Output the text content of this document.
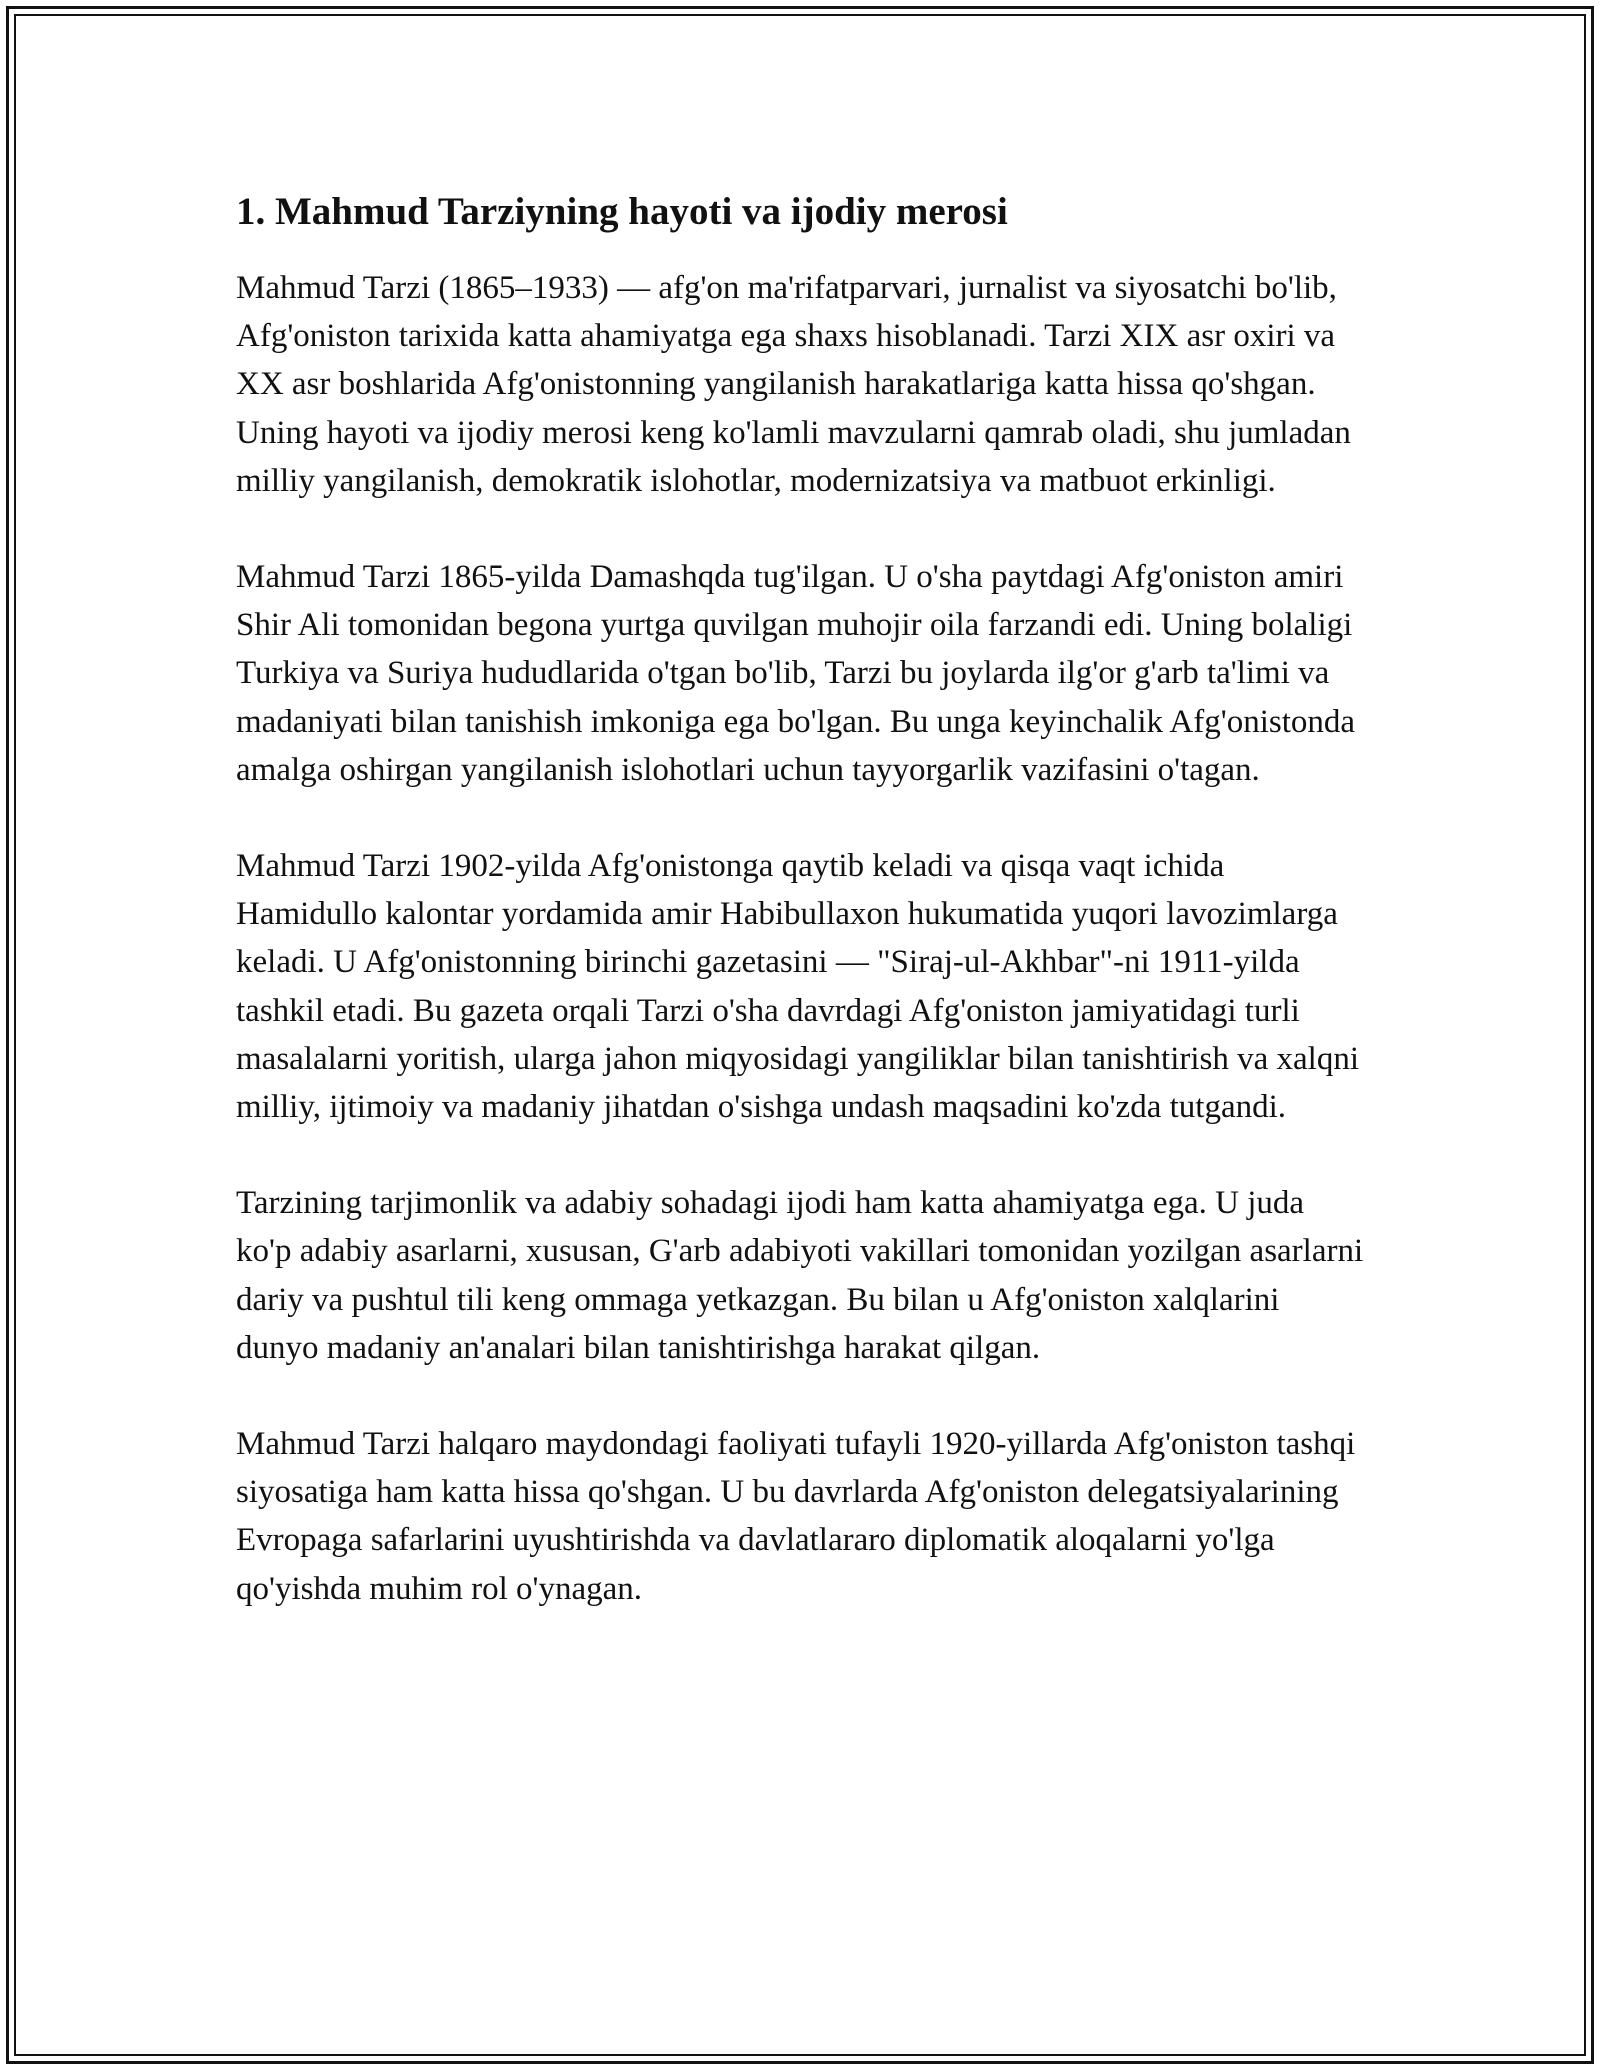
1. Mahmud Tarziyning hayoti va ijodiy merosi

Mahmud Tarzi (1865–1933) — afg'on ma'rifatparvari, jurnalist va siyosatchi bo'lib, Afg'oniston tarixida katta ahamiyatga ega shaxs hisoblanadi. Tarzi XIX asr oxiri va XX asr boshlarida Afg'onistonning yangilanish harakatlariga katta hissa qo'shgan. Uning hayoti va ijodiy merosi keng ko'lamli mavzularni qamrab oladi, shu jumladan milliy yangilanish, demokratik islohotlar, modernizatsiya va matbuot erkinligi.

Mahmud Tarzi 1865-yilda Damashqda tug'ilgan. U o'sha paytdagi Afg'oniston amiri Shir Ali tomonidan begona yurtga quvilgan muhojir oila farzandi edi. Uning bolaligi Turkiya va Suriya hududlarida o'tgan bo'lib, Tarzi bu joylarda ilg'or g'arb ta'limi va madaniyati bilan tanishish imkoniga ega bo'lgan. Bu unga keyinchalik Afg'onistonda amalga oshirgan yangilanish islohotlari uchun tayyorgarlik vazifasini o'tagan.

Mahmud Tarzi 1902-yilda Afg'onistonga qaytib keladi va qisqa vaqt ichida Hamidullo kalontar yordamida amir Habibullaxon hukumatida yuqori lavozimlarga keladi. U Afg'onistonning birinchi gazetasini — "Siraj-ul-Akhbar"-ni 1911-yilda tashkil etadi. Bu gazeta orqali Tarzi o'sha davrdagi Afg'oniston jamiyatidagi turli masalalarni yoritish, ularga jahon miqyosidagi yangiliklar bilan tanishtirish va xalqni milliy, ijtimoiy va madaniy jihatdan o'sishga undash maqsadini ko'zda tutgandi.

Tarzining tarjimonlik va adabiy sohadagi ijodi ham katta ahamiyatga ega. U juda ko'p adabiy asarlarni, xususan, G'arb adabiyoti vakillari tomonidan yozilgan asarlarni dariy va pushtul tili keng ommaga yetkazgan. Bu bilan u Afg'oniston xalqlarini dunyo madaniy an'analari bilan tanishtirishga harakat qilgan.

Mahmud Tarzi halqaro maydondagi faoliyati tufayli 1920-yillarda Afg'oniston tashqi siyosatiga ham katta hissa qo'shgan. U bu davrlarda Afg'oniston delegatsiyalarining Evropaga safarlarini uyushtirishda va davlatlararo diplomatik aloqalarni yo'lga qo'yishda muhim rol o'ynagan.
